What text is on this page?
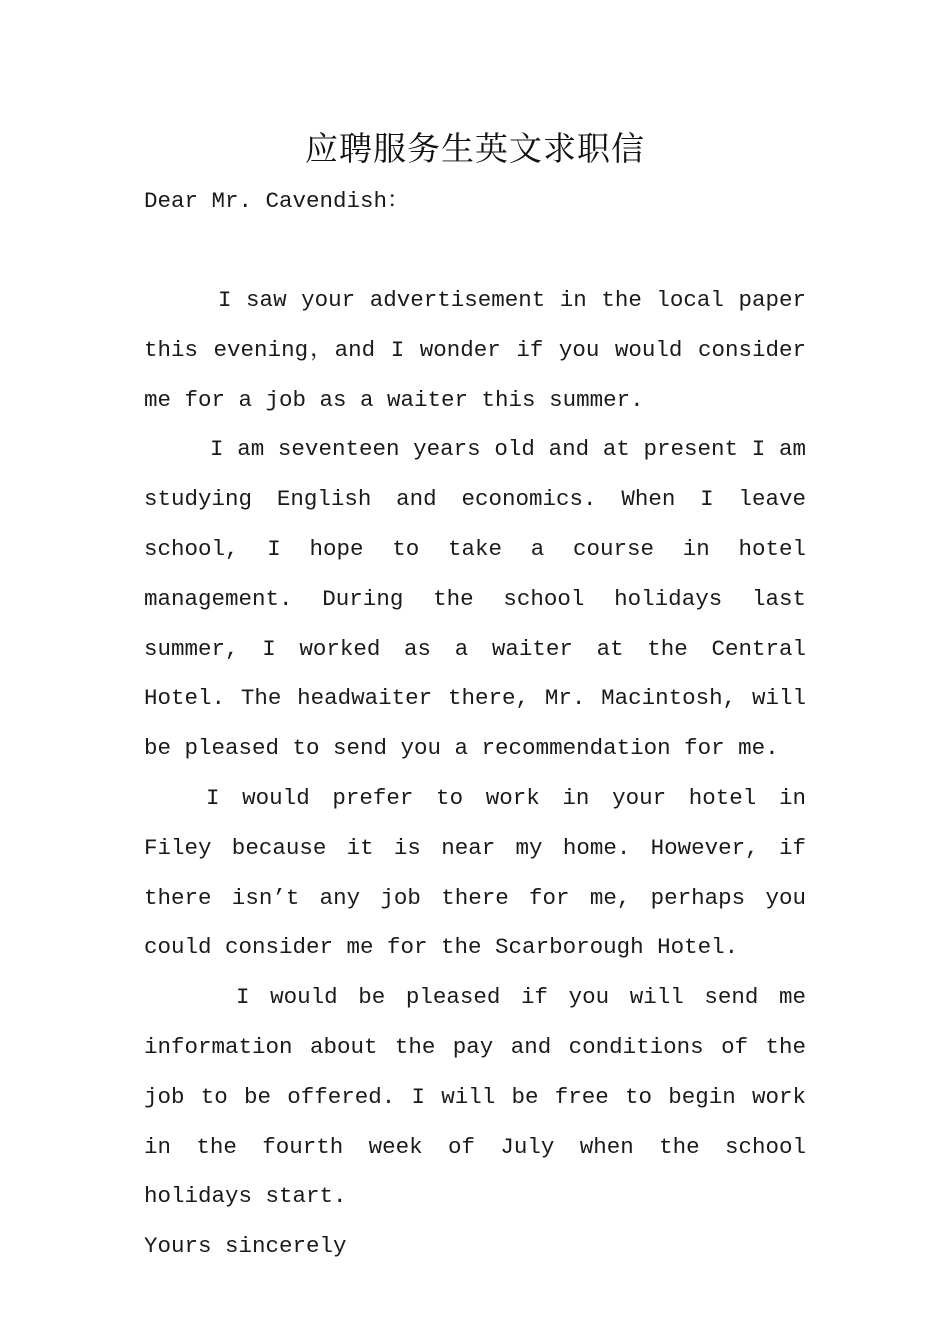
应聘服务生英文求职信

Dear Mr. Cavendish：

I saw your advertisement in the local paper this evening，and I wonder if you would consider me for a job as a waiter this summer.

I am seventeen years old and at present I am studying English and economics. When I leave school, I hope to take a course in hotel management. During the school holidays last summer, I worked as a waiter at the Central Hotel. The headwaiter there, Mr. Macintosh, will be pleased to send you a recommendation for me.

I would prefer to work in your hotel in Filey because it is near my home. However, if there isn’t any job there for me, perhaps you could consider me for the Scarborough Hotel.

I would be pleased if you will send me information about the pay and conditions of the job to be offered. I will be free to begin work in the fourth week of July when the school holidays start.

Yours sincerely
